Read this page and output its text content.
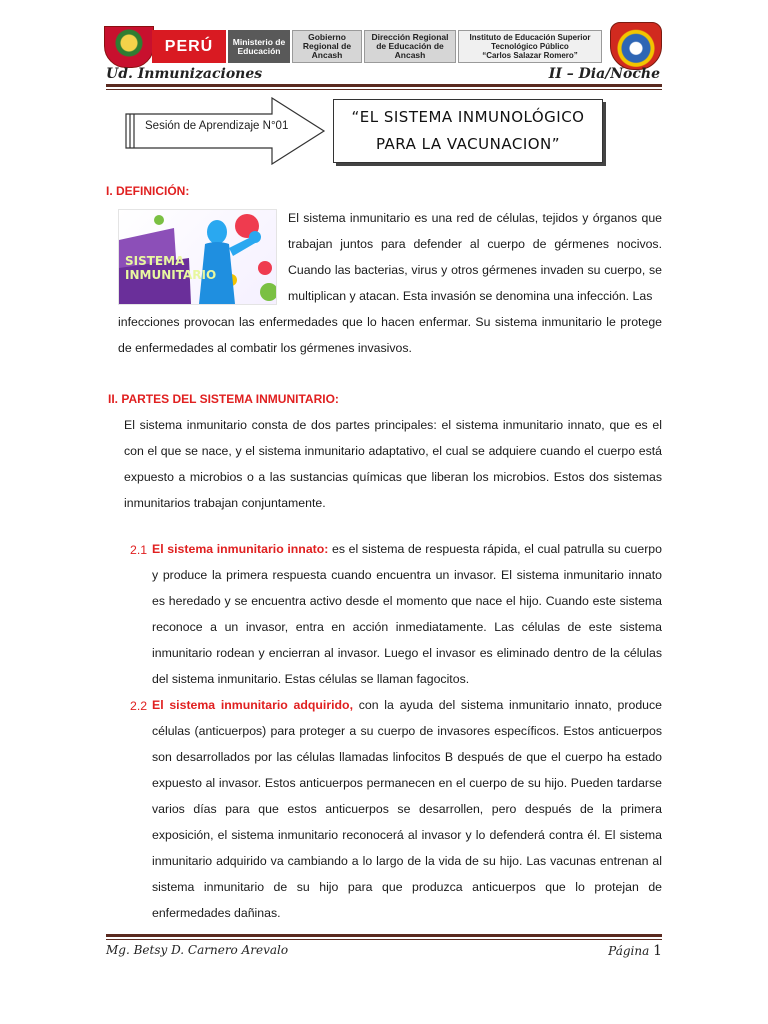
PERÚ	Ministerio de
Educación
Gobierno
Regional de
Ancash
Dirección Regional
de Educación de
Ancash
Instituto de Educación Superior
Tecnológico Público
“Carlos Salazar Romero”
Ud. Inmunizaciones	II – Dia/Noche
Sesión de Aprendizaje N°01	“EL SISTEMA INMUNOLÓGICO
PARA LA VACUNACION”
I. DEFINICIÓN:
SISTEMA
INMUNITARIO
El sistema inmunitario es una red de células, tejidos y órganos que trabajan juntos para defender al cuerpo de gérmenes nocivos. Cuando las bacterias, virus y otros gérmenes invaden su cuerpo, se multiplican y atacan. Esta invasión se denomina una infección. Las
infecciones provocan las enfermedades que lo hacen enfermar. Su sistema inmunitario le protege de enfermedades al combatir los gérmenes invasivos.
II. PARTES DEL SISTEMA INMUNITARIO:
El sistema inmunitario consta de dos partes principales: el sistema inmunitario innato, que es el con el que se nace, y el sistema inmunitario adaptativo, el cual se adquiere cuando el cuerpo está expuesto a microbios o a las sustancias químicas que liberan los microbios. Estos dos sistemas inmunitarios trabajan conjuntamente.
2.1 El sistema inmunitario innato: es el sistema de respuesta rápida, el cual patrulla su cuerpo y produce la primera respuesta cuando encuentra un invasor. El sistema inmunitario innato es heredado y se encuentra activo desde el momento que nace el hijo. Cuando este sistema reconoce a un invasor, entra en acción inmediatamente. Las células de este sistema inmunitario rodean y encierran al invasor. Luego el invasor es eliminado dentro de la células del sistema inmunitario. Estas células se llaman fagocitos.
2.2 El sistema inmunitario adquirido, con la ayuda del sistema inmunitario innato, produce células (anticuerpos) para proteger a su cuerpo de invasores específicos. Estos anticuerpos son desarrollados por las células llamadas linfocitos B después de que el cuerpo ha estado expuesto al invasor. Estos anticuerpos permanecen en el cuerpo de su hijo. Pueden tardarse varios días para que estos anticuerpos se desarrollen, pero después de la primera exposición, el sistema inmunitario reconocerá al invasor y lo defenderá contra él. El sistema inmunitario adquirido va cambiando a lo largo de la vida de su hijo. Las vacunas entrenan al sistema inmunitario de su hijo para que produzca anticuerpos que lo protejan de enfermedades dañinas.
Mg. Betsy D. Carnero Arevalo	Página 1
